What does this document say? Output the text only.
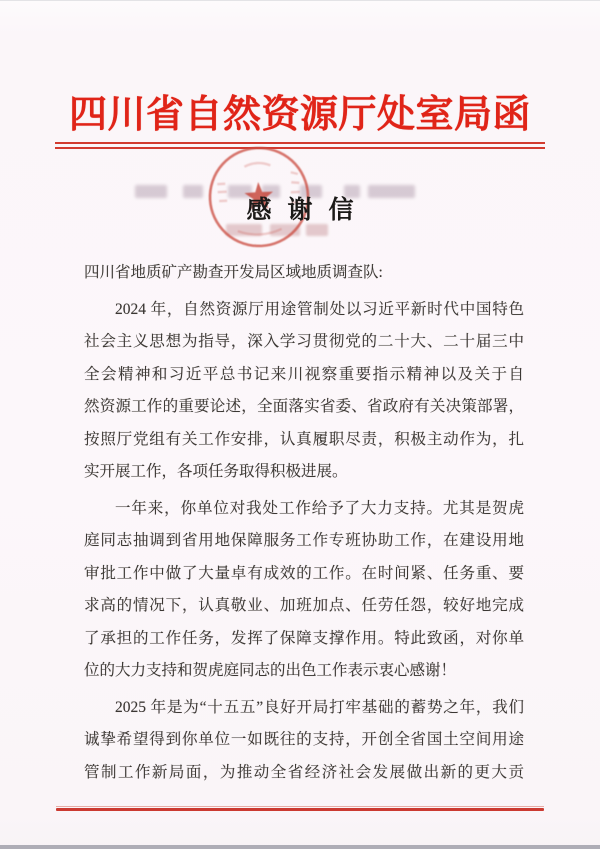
四川省自然资源厅处室局函
感谢信
四川省地质矿产勘查开发局区域地质调查队:
2024 年，自然资源厅用途管制处以习近平新时代中国特色
社会主义思想为指导，深入学习贯彻党的二十大、二十届三中
全会精神和习近平总书记来川视察重要指示精神以及关于自
然资源工作的重要论述，全面落实省委、省政府有关决策部署，
按照厅党组有关工作安排，认真履职尽责，积极主动作为，扎
实开展工作，各项任务取得积极进展。
一年来，你单位对我处工作给予了大力支持。尤其是贺虎
庭同志抽调到省用地保障服务工作专班协助工作，在建设用地
审批工作中做了大量卓有成效的工作。在时间紧、任务重、要
求高的情况下，认真敬业、加班加点、任劳任怨，较好地完成
了承担的工作任务，发挥了保障支撑作用。特此致函，对你单
位的大力支持和贺虎庭同志的出色工作表示衷心感谢！
2025 年是为“十五五”良好开局打牢基础的蓄势之年，我们
诚挚希望得到你单位一如既往的支持，开创全省国土空间用途
管制工作新局面，为推动全省经济社会发展做出新的更大贡
